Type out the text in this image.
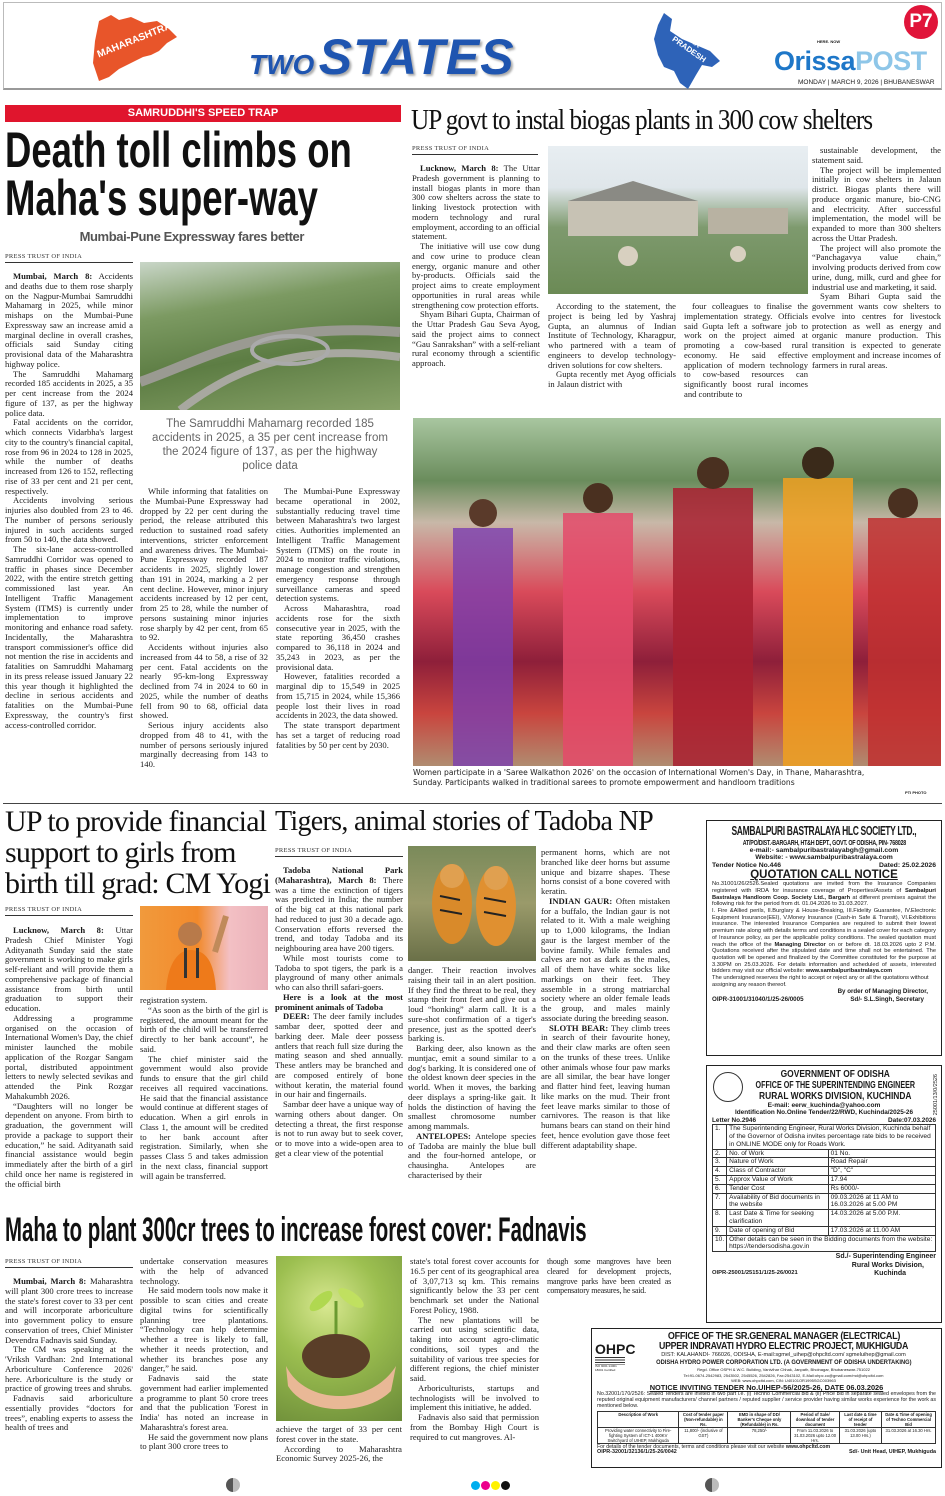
MAHARASHTRA
TWO STATES	UTTAR PRADESH
P7
HERE. NOW
OrissaPOST
MONDAY | MARCH 9, 2026 | BHUBANESWAR
SAMRUDDHI'S SPEED TRAP
Death toll climbs on
Maha's super-way
Mumbai-Pune Expressway fares better
PRESS TRUST OF INDIA

Mumbai, March 8: Accidents and deaths due to them rose sharply on the Nagpur-Mumbai Samruddhi Mahamarg in 2025, while minor mishaps on the Mumbai-Pune Expressway saw an increase amid a marginal decline in overall crashes, officials said Sunday citing provisional data of the Maharashtra highway police.

The Samruddhi Mahamarg recorded 185 accidents in 2025, a 35 per cent increase from the 2024 figure of 137, as per the highway police data.

Fatal accidents on the corridor, which connects Vidarbha's largest city to the country's financial capital, rose from 96 in 2024 to 128 in 2025, while the number of deaths increased from 126 to 152, reflecting rise of 33 per cent and 21 per cent, respectively.

Accidents involving serious injuries also doubled from 23 to 46. The number of persons seriously injured in such accidents surged from 50 to 140, the data showed.

The six-lane access-controlled Samruddhi Corridor was opened to traffic in phases since December 2022, with the entire stretch getting commissioned last year. An Intelligent Traffic Management System (ITMS) is currently under implementation to improve monitoring and enhance road safety. Incidentally, the Maharashtra transport commissioner's office did not mention the rise in accidents and fatalities on Samruddhi Mahamarg in its press release issued January 22 this year though it highlighted the decline in serious accidents and fatalities on the Mumbai-Pune Expressway, the country's first access-controlled corridor.

The Samruddhi Mahamarg recorded 185 accidents in 2025, a 35 per cent increase from the 2024 figure of 137, as per the highway police data

While informing that fatalities on the Mumbai-Pune Expressway had dropped by 22 per cent during the period, the release attributed this reduction to sustained road safety interventions, stricter enforcement and awareness drives. The Mumbai-Pune Expressway recorded 187 accidents in 2025, slightly lower than 191 in 2024, marking a 2 per cent decline. However, minor injury accidents increased by 12 per cent, from 25 to 28, while the number of persons sustaining minor injuries rose sharply by 42 per cent, from 65 to 92.

Accidents without injuries also increased from 44 to 58, a rise of 32 per cent. Fatal accidents on the nearly 95-km-long Expressway declined from 74 in 2024 to 60 in 2025, while the number of deaths fell from 90 to 68, official data showed.

Serious injury accidents also dropped from 48 to 41, with the number of persons seriously injured marginally decreasing from 143 to 140.

The Mumbai-Pune Expressway became operational in 2002, substantially reducing travel time between Maharashtra's two largest cities. Authorities implemented an Intelligent Traffic Management System (ITMS) on the route in 2024 to monitor traffic violations, manage congestion and strengthen emergency response through surveillance cameras and speed detection systems.

Across Maharashtra, road accidents rose for the sixth consecutive year in 2025, with the state reporting 36,450 crashes compared to 36,118 in 2024 and 35,243 in 2023, as per the provisional data.

However, fatalities recorded a marginal dip to 15,549 in 2025 from 15,715 in 2024, while 15,366 people lost their lives in road accidents in 2023, the data showed.

The state transport department has set a target of reducing road fatalities by 50 per cent by 2030.

UP govt to instal biogas plants in 300 cow shelters
PRESS TRUST OF INDIA

Lucknow, March 8: The Uttar Pradesh government is planning to install biogas plants in more than 300 cow shelters across the state to linking livestock protection with modern technology and rural employment, according to an official statement.

The initiative will use cow dung and cow urine to produce clean energy, organic manure and other by-products. Officials said the project aims to create employment opportunities in rural areas while strengthening cow protection efforts.

Shyam Bihari Gupta, Chairman of the Uttar Pradesh Gau Seva Ayog, said the project aims to connect “Gau Sanrakshan” with a self-reliant rural economy through a scientific approach.

According to the statement, the project is being led by Yashraj Gupta, an alumnus of Indian Institute of Technology, Kharagpur, who partnered with a team of engineers to develop technology-driven solutions for cow shelters.

Gupta recently met Ayog officials in Jalaun district with

four colleagues to finalise the implementation strategy. Officials said Gupta left a software job to work on the project aimed at promoting a cow-based rural economy. He said effective application of modern technology to cow-based resources can significantly boost rural incomes and contribute to

sustainable development, the statement said.

The project will be implemented initially in cow shelters in Jalaun district. Biogas plants there will produce organic manure, bio-CNG and electricity. After successful implementation, the model will be expanded to more than 300 shelters across the Uttar Pradesh.

The project will also promote the “Panchagavya value chain,” involving products derived from cow urine, dung, milk, curd and ghee for industrial use and marketing, it said.

Syam Bihari Gupta said the government wants cow shelters to evolve into centres for livestock protection as well as energy and organic manure production. This transition is expected to generate employment and increase incomes of farmers in rural areas.

Women participate in a 'Saree Walkathon 2026' on the occasion of International Women's Day, in Thane, Maharashtra, Sunday. Participants walked in traditional sarees to promote empowerment and handloom traditions
PTI PHOTO
UP to provide financial
support to girls from
birth till grad: CM Yogi
PRESS TRUST OF INDIA

Lucknow, March 8: Uttar Pradesh Chief Minister Yogi Adityanath Sunday said the state government is working to make girls self-reliant and will provide them a comprehensive package of financial assistance from birth until graduation to support their education.

Addressing a programme organised on the occasion of International Women's Day, the chief minister launched the mobile application of the Rozgar Sangam portal, distributed appointment letters to newly selected sevikas and attended the Pink Rozgar Mahakumbh 2026.

“Daughters will no longer be dependent on anyone. From birth to graduation, the government will provide a package to support their education,” he said. Adityanath said financial assistance would begin immediately after the birth of a girl child once her name is registered in the official birth

registration system.

“As soon as the birth of the girl is registered, the amount meant for the birth of the child will be transferred directly to her bank account”, he said.

The chief minister said the government would also provide funds to ensure that the girl child receives all required vaccinations. He said that the financial assistance would continue at different stages of education. When a girl enrols in Class 1, the amount will be credited to her bank account after registration. Similarly, when she passes Class 5 and takes admission in the next class, financial support will again be transferred.

Tigers, animal stories of Tadoba NP
PRESS TRUST OF INDIA

Tadoba National Park (Maharashtra), March 8: There was a time the extinction of tigers was predicted in India; the number of the big cat at this national park had reduced to just 30 a decade ago. Conservation efforts reversed the trend, and today Tadoba and its neighbouring area have 200 tigers.

While most tourists come to Tadoba to spot tigers, the park is a playground of many other animals who can also thrill safari-goers.

Here is a look at the most prominent animals of Tadoba

DEER: The deer family includes sambar deer, spotted deer and barking deer. Male deer possess antlers that reach full size during the mating season and shed annually. These antlers may be branched and are composed entirely of bone without keratin, the material found in our hair and fingernails.

Sambar deer have a unique way of warning others about danger. On detecting a threat, the first response is not to run away but to seek cover, or to move into a wide-open area to get a clear view of the potential

danger. Their reaction involves raising their tail in an alert position. If they find the threat to be real, they stamp their front feet and give out a loud “honking” alarm call. It is a sure-shot confirmation of a tiger's presence, just as the spotted deer's barking is.

Barking deer, also known as the muntjac, emit a sound similar to a dog's barking. It is considered one of the oldest known deer species in the world. When it moves, the barking deer displays a spring-like gait. It holds the distinction of having the smallest chromosome number among mammals.

ANTELOPES: Antelope species of Tadoba are mainly the blue bull and the four-horned antelope, or chausingha. Antelopes are characterised by their

permanent horns, which are not branched like deer horns but assume unique and bizarre shapes. These horns consist of a bone covered with keratin.

INDIAN GAUR: Often mistaken for a buffalo, the Indian gaur is not related to it. With a male weighing up to 1,000 kilograms, the Indian gaur is the largest member of the bovine family. While females and calves are not as dark as the males, all of them have white socks like markings on their feet. They assemble in a strong matriarchal society where an older female leads the group, and males mainly associate during the breeding season.

SLOTH BEAR: They climb trees in search of their favourite honey, and their claw marks are often seen on the trunks of these trees. Unlike other animals whose four paw marks are all similar, the bear have longer and flatter hind feet, leaving human like marks on the mud. Their front feet leave marks similar to those of carnivores. The reason is that like humans bears can stand on their hind feet, hence evolution gave those feet different adaptability shape.

SAMBALPURI BASTRALAYA HLC SOCIETY LTD.,
AT/PO/DIST.-BARGARH, HT&H DEPT., GOVT. OF ODISHA, PIN- 768028
e-mail:- sambalpuribastralayabgh@gmail.com
Website: - www.sambalpuribastralaya.com
Tender Notice No.446	Dated: 25.02.2026
QUOTATION CALL NOTICE
No.31001/26/2526.Sealed quotations are invited from the Insurance Companies registered with IRDA for insurance coverage of Properties/Assets of Sambalpuri Bastralaya Handloom Coop. Society Ltd., Bargarh at different premises against the following risk for the period from dt. 01.04.2026 to 31.03.2027.
I. Fire &Allied perils, II.Burglary & House-Breaking, III.Fidelity Guarantee, IV.Electronic Equipment Insurance(EEI), V.Money Insurance (Cash-in Safe & Transit), VI.Exhibitions insurance. The interested Insurance Companies are required to submit their lowest premium rate along with details terms and conditions in a sealed cover for each category of Insurance policy, as per the applicable policy conditions. The sealed quotation must reach the office of the Managing Director on or before dt. 18.03.2026 upto 2 P.M. Quotations received after the stipulated date and time shall not be entertained. The quotation will be opened and finalized by the Committee constituted for the purpose at 3.30PM on 25.03.2026. For details information and scheduled of assets, interested bidders may visit our official website: www.sambalpuribastralaya.com
The undersigned reserves the right to accept or reject any or all the quotations without assigning any reason thereof.
By order of Managing Director,
OIPR-31001/31040/1/25-26/0005	Sd/- S.L.Singh, Secretary
25001/13/0/2526
GOVERNMENT OF ODISHA
OFFICE OF THE SUPERINTENDING ENGINEER
RURAL WORKS DIVISION, KUCHINDA
E-mail: eerw_kuchinda@yahoo.com
Identification No.Online Tender/22/RWD, Kuchinda/2025-26
Letter No.2946	Date:07.03.2026
1.	The Superintending Engineer, Rural Works Division, Kuchinda behalf of the Governor of Odisha invites percentage rate bids to be received in ONLINE MODE only for Roads Work.	
2.	No. of Work	01 No.
3.	Nature of Work	Road Repair
4.	Class of Contractor	"D", "C"
5.	Approx Value of Work	17.94
6.	Tender Cost	Rs 6000/-
7.	Availability of Bid documents in the website	09.03.2026 at 11 AM to 16.03.2026 at 5.00 PM
8.	Last Date & Time for seeking clarification	14.03.2026 at 5.00 P.M.
9.	Date of opening of Bid	17.03.2026 at 11.00 AM
10.	Other details can be seen in the Bidding documents from the website: https://tendersodisha.gov.in	
Sd./- Superintending Engineer
Rural Works Division,
OIPR-25001/25151/1/25-26/0021	Kuchinda
Maha to plant 300cr trees to increase forest cover: Fadnavis
PRESS TRUST OF INDIA

Mumbai, March 8: Maharashtra will plant 300 crore trees to increase the state's forest cover to 33 per cent and will incorporate arboriculture into government policy to ensure conservation of trees, Chief Minister Devendra Fadnavis said Sunday.

The CM was speaking at the 'Vriksh Vardhan: 2nd International Arboriculture Conference 2026' here. Arboriculture is the study or practice of growing trees and shrubs.

Fadnavis said arboriculture essentially provides “doctors for trees”, enabling experts to assess the health of trees and

undertake conservation measures with the help of advanced technology.

He said modern tools now make it possible to scan cities and create digital twins for scientifically planning tree plantations. “Technology can help determine whether a tree is likely to fall, whether it needs protection, and whether its branches pose any danger,” he said.

Fadnavis said the state government had earlier implemented a programme to plant 50 crore trees and that the publication 'Forest in India' has noted an increase in Maharashtra's forest area.

He said the government now plans to plant 300 crore trees to

achieve the target of 33 per cent forest cover in the state.

According to Maharashtra Economic Survey 2025-26, the

state's total forest cover accounts for 16.5 per cent of its geographical area of 3,07,713 sq km. This remains significantly below the 33 per cent benchmark set under the National Forest Policy, 1988.

The new plantations will be carried out using scientific data, taking into account agro-climatic conditions, soil types and the suitability of various tree species for different regions, the chief minister said.

Arboriculturists, startups and technologists will be involved to implement this initiative, he added.

Fadnavis also said that permission from the Bombay High Court is required to cut mangroves. Al-

though some mangroves have been cleared for development projects, mangrove parks have been created as compensatory measures, he said.

OHPC
ISO 9001:14001 18001 Certified
OFFICE OF THE SR.GENERAL MANAGER (ELECTRICAL)
UPPER INDRAVATI HYDRO ELECTRIC PROJECT, MUKHIGUDA
DIST: KALAHANDI- 766026, ODISHA, E-mail:sgmel_uihep@ohpcltd.com/ sgmeluihep@gmail.com
ODISHA HYDRO POWER CORPORATION LTD. (A GOVERNMENT OF ODISHA UNDERTAKING)
Regd. Office OSPH & W.C. Building, Vanivihar Chhak, Janpath, Bhoinagar, Bhubaneswar-751022
Tel:91-0674-2542983, 2543502, 2545526, 2542826, Fax:2543102, E-Mail:ohpc.co@gmail.com/md@ohpcltd.com
WEB: www.ohpcltd.com, CIN: U40101OR1995SGC003963
NOTICE INVITING TENDER No.UIHEP-56/2025-26, DATE 06.03.2026
No.32001/170/2526: Sealed Tenders are invited in two part i.e. (i) Techno Commercial bid & (ii) Price bid in separate sealed envelopes from the reputed original equipment manufacturers/ channel partners / reputed supplier / service provider having similar works experience for the work as mentioned below.
Description of Work	Cost of tender paper (Non-refundable) in Rs.	EMD in shape of DD/ Banker's Cheque only (Refundable) in Rs.	Period of Sale/ download of tender document	Last date & time of receipt of tender	Date & Time of opening of Techno Commercial Bid
Providing water connectivity to Fire-fighting System of ICT-1 400KV Switchyard of UIHEP, Mukhiguda	11,800/- (inclusive of GST)	78,250/-	From 11.03.2026 to 31.03.2026 upto 12.00 Hrs.	31.03.2026 (upto 13.00 Hrs.)	31.03.2026 at 16.30 Hrs.
For details of the tender documents, terms and conditions please visit our website www.ohpcltd.com
OIPR-32001/32136/1/25-26/0042	Sd/- Unit Head, UIHEP, Mukhiguda
